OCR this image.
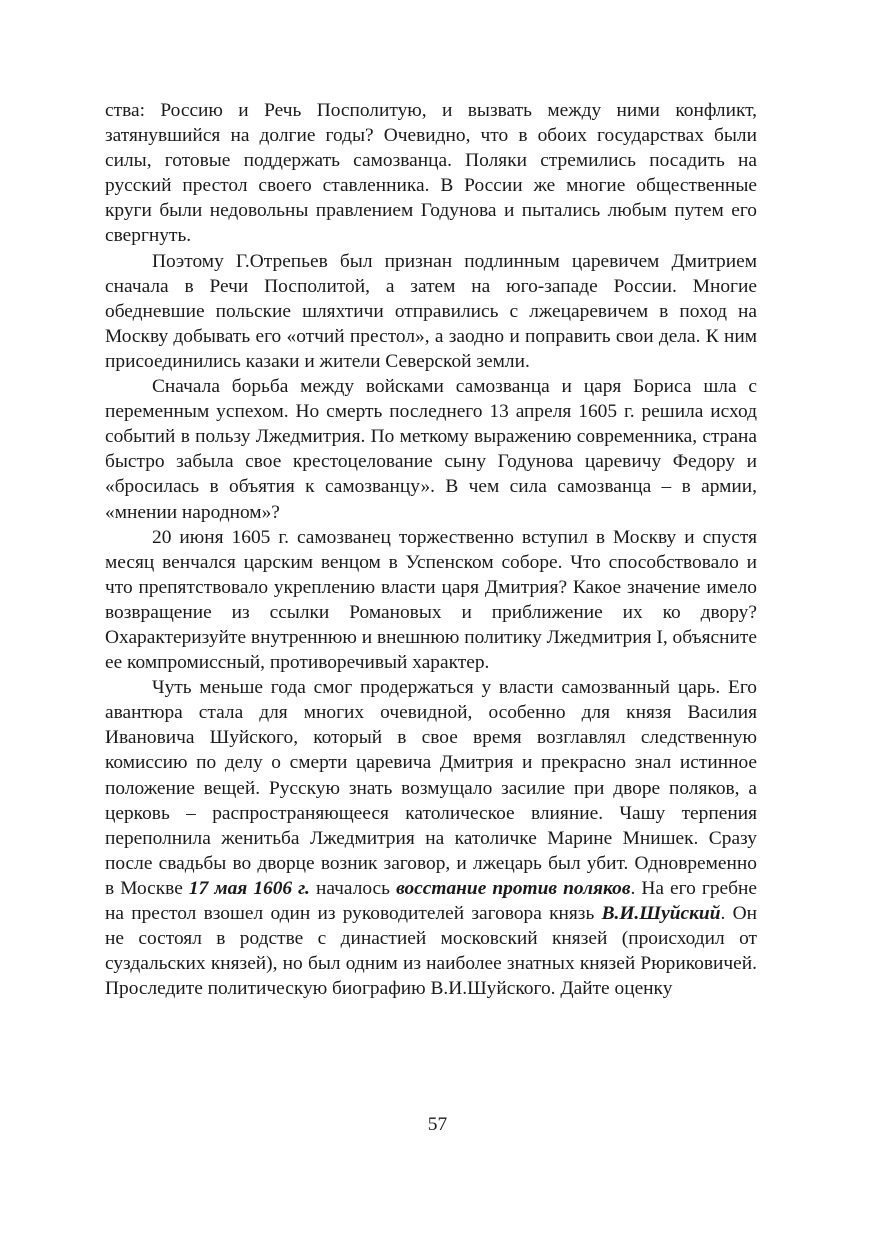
ства: Россию и Речь Посполитую, и вызвать между ними конфликт, затянувшийся на долгие годы? Очевидно, что в обоих государствах были силы, готовые поддержать самозванца. Поляки стремились посадить на русский престол своего ставленника. В России же многие общественные круги были недовольны правлением Годунова и пытались любым путем его свергнуть.

Поэтому Г.Отрепьев был признан подлинным царевичем Дмитрием сначала в Речи Посполитой, а затем на юго-западе России. Многие обедневшие польские шляхтичи отправились с лжецаревичем в поход на Москву добывать его «отчий престол», а заодно и поправить свои дела. К ним присоединились казаки и жители Северской земли.

Сначала борьба между войсками самозванца и царя Бориса шла с переменным успехом. Но смерть последнего 13 апреля 1605 г. решила исход событий в пользу Лжедмитрия. По меткому выражению современника, страна быстро забыла свое крестоцелование сыну Годунова царевичу Федору и «бросилась в объятия к самозванцу». В чем сила самозванца – в армии, «мнении народном»?

20 июня 1605 г. самозванец торжественно вступил в Москву и спустя месяц венчался царским венцом в Успенском соборе. Что способствовало и что препятствовало укреплению власти царя Дмитрия? Какое значение имело возвращение из ссылки Романовых и приближение их ко двору? Охарактеризуйте внутреннюю и внешнюю политику Лжедмитрия I, объясните ее компромиссный, противоречивый характер.

Чуть меньше года смог продержаться у власти самозванный царь. Его авантюра стала для многих очевидной, особенно для князя Василия Ивановича Шуйского, который в свое время возглавлял следственную комиссию по делу о смерти царевича Дмитрия и прекрасно знал истинное положение вещей. Русскую знать возмущало засилие при дворе поляков, а церковь – распространяющееся католическое влияние. Чашу терпения переполнила женитьба Лжедмитрия на католичке Марине Мнишек. Сразу после свадьбы во дворце возник заговор, и лжецарь был убит. Одновременно в Москве 17 мая 1606 г. началось восстание против поляков. На его гребне на престол взошел один из руководителей заговора князь В.И.Шуйский. Он не состоял в родстве с династией московский князей (происходил от суздальских князей), но был одним из наиболее знатных князей Рюриковичей. Проследите политическую биографию В.И.Шуйского. Дайте оценку

57
